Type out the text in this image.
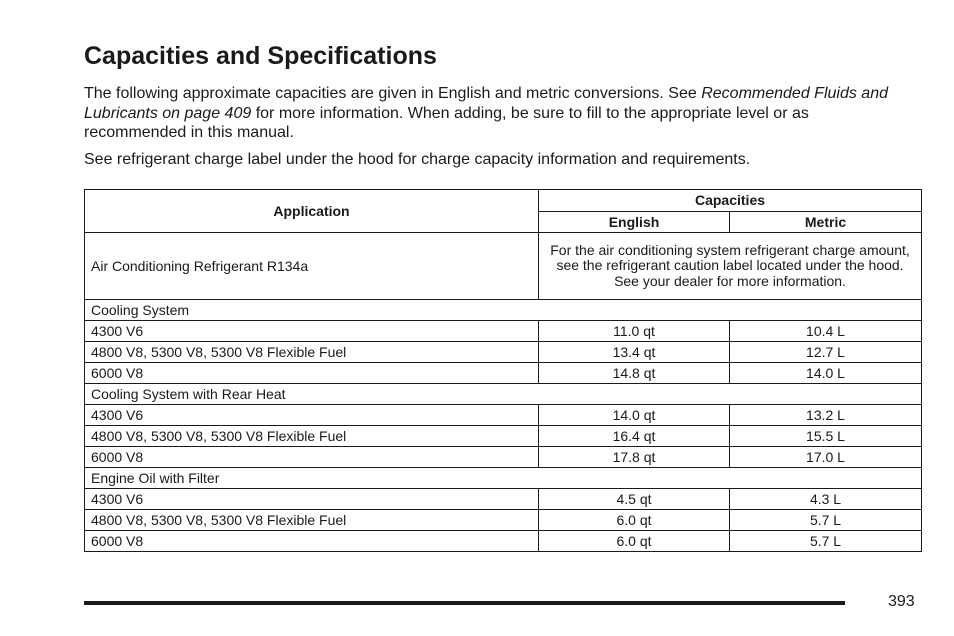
Capacities and Specifications

The following approximate capacities are given in English and metric conversions. See Recommended Fluids and Lubricants on page 409 for more information. When adding, be sure to fill to the appropriate level or as recommended in this manual.

See refrigerant charge label under the hood for charge capacity information and requirements.

Application	Capacities	
	English	Metric
Air Conditioning Refrigerant R134a	For the air conditioning system refrigerant charge amount, see the refrigerant caution label located under the hood. See your dealer for more information.	
Cooling System		
4300 V6	11.0 qt	10.4 L
4800 V8, 5300 V8, 5300 V8 Flexible Fuel	13.4 qt	12.7 L
6000 V8	14.8 qt	14.0 L
Cooling System with Rear Heat		
4300 V6	14.0 qt	13.2 L
4800 V8, 5300 V8, 5300 V8 Flexible Fuel	16.4 qt	15.5 L
6000 V8	17.8 qt	17.0 L
Engine Oil with Filter		
4300 V6	4.5 qt	4.3 L
4800 V8, 5300 V8, 5300 V8 Flexible Fuel	6.0 qt	5.7 L
6000 V8	6.0 qt	5.7 L
393
